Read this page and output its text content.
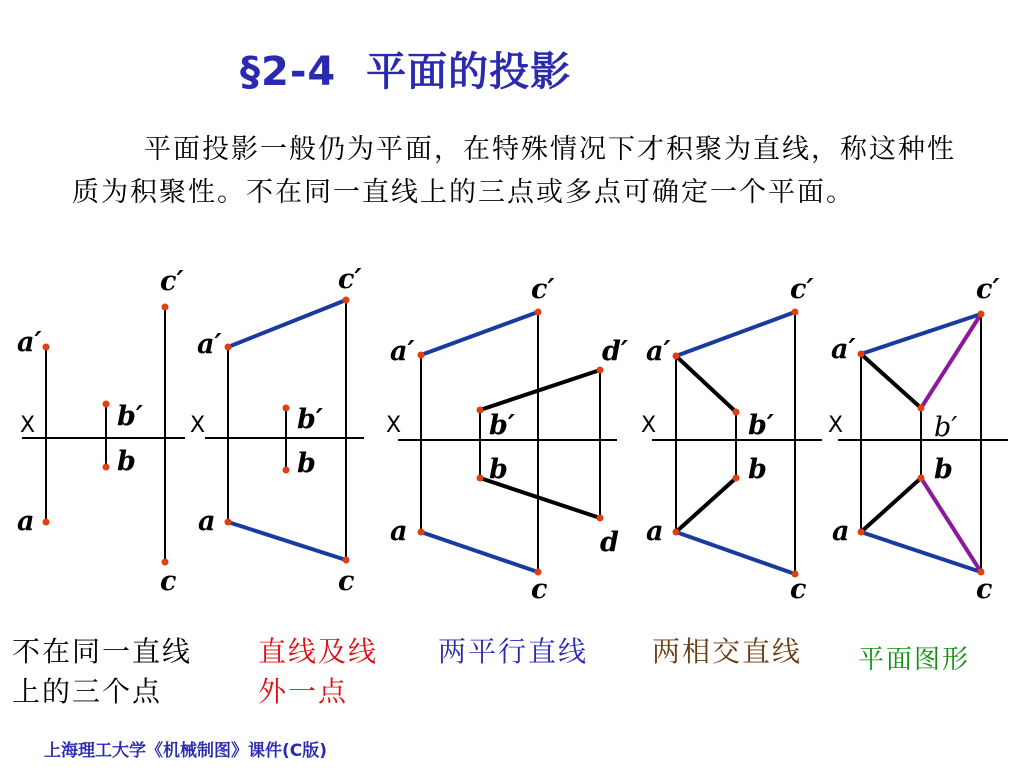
§2-4  平面的投影
平面投影一般仍为平面，在特殊情况下才积聚为直线，称这种性质为积聚性。不在同一直线上的三点或多点可确定一个平面。
X
a′
a
b′
b
c′
c
X
a′
a
b′
b
c′
c
X
a′
a
b′
b
c′
c
d′
d
X
a′
a
b′
b
c′
c
X
a′
a
b′
b
c′
c
不在同一直线
上的三个点
直线及线
外一点
两平行直线 两相交直线 平面图形
上海理工大学《机械制图》课件(C版)
